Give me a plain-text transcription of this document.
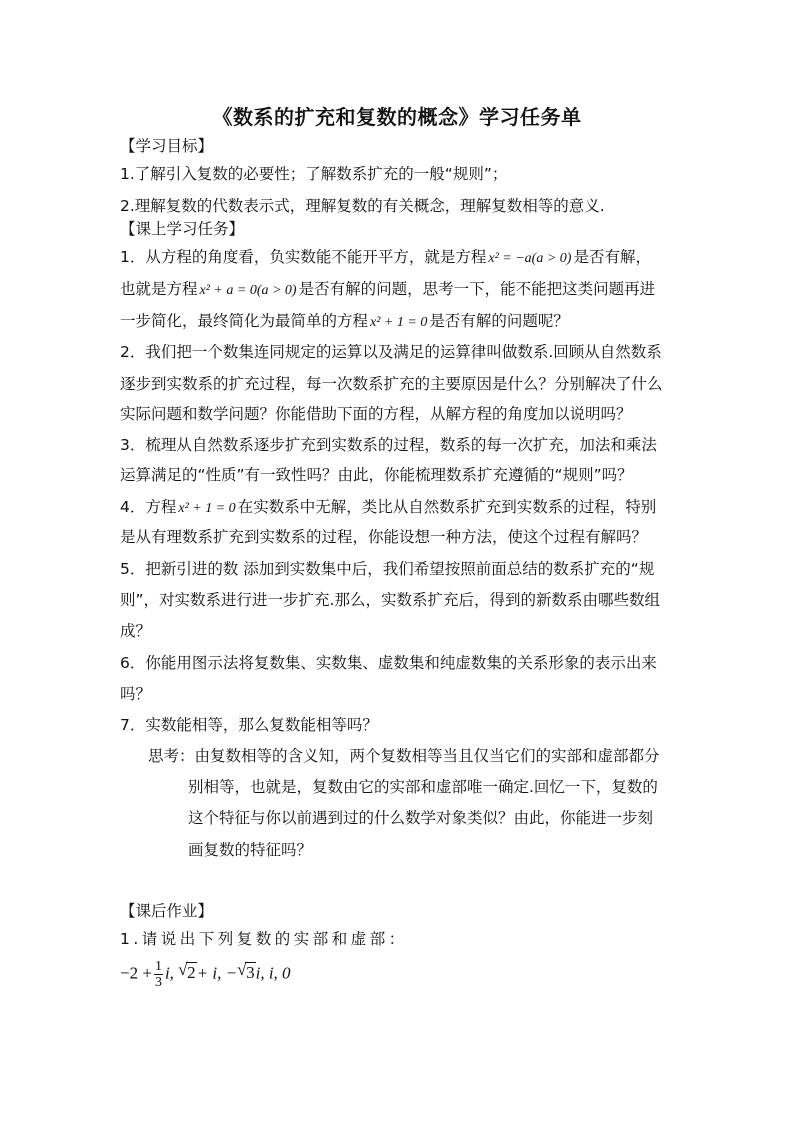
《数系的扩充和复数的概念》学习任务单
【学习目标】
1.了解引入复数的必要性；了解数系扩充的一般“规则”；
2.理解复数的代数表示式，理解复数的有关概念，理解复数相等的意义.
【课上学习任务】
1．从方程的角度看，负实数能不能开平方，就是方程 x² = −a(a > 0) 是否有解，
也就是方程 x² + a = 0(a > 0) 是否有解的问题，思考一下，能不能把这类问题再进
一步简化，最终简化为最简单的方程 x² + 1 = 0 是否有解的问题呢？
2．我们把一个数集连同规定的运算以及满足的运算律叫做数系.回顾从自然数系
逐步到实数系的扩充过程，每一次数系扩充的主要原因是什么？分别解决了什么
实际问题和数学问题？你能借助下面的方程，从解方程的角度加以说明吗？
3．梳理从自然数系逐步扩充到实数系的过程，数系的每一次扩充，加法和乘法
运算满足的“性质”有一致性吗？由此，你能梳理数系扩充遵循的“规则”吗？
4．方程 x² + 1 = 0 在实数系中无解，类比从自然数系扩充到实数系的过程，特别
是从有理数系扩充到实数系的过程，你能设想一种方法，使这个过程有解吗？
5．把新引进的数 添加到实数集中后，我们希望按照前面总结的数系扩充的“规
则”，对实数系进行进一步扩充.那么，实数系扩充后，得到的新数系由哪些数组
成？
6．你能用图示法将复数集、实数集、虚数集和纯虚数集的关系形象的表示出来
吗？
7．实数能相等，那么复数能相等吗？
思考：由复数相等的含义知，两个复数相等当且仅当它们的实部和虚部都分
别相等，也就是，复数由它的实部和虚部唯一确定.回忆一下，复数的
这个特征与你以前遇到过的什么数学对象类似？由此，你能进一步刻
画复数的特征吗？
【课后作业】
1.请说出下列复数的实部和虚部：
$-2 + \frac{1}{3} i$, √ 2+ i, − √ 3i, i, 0
